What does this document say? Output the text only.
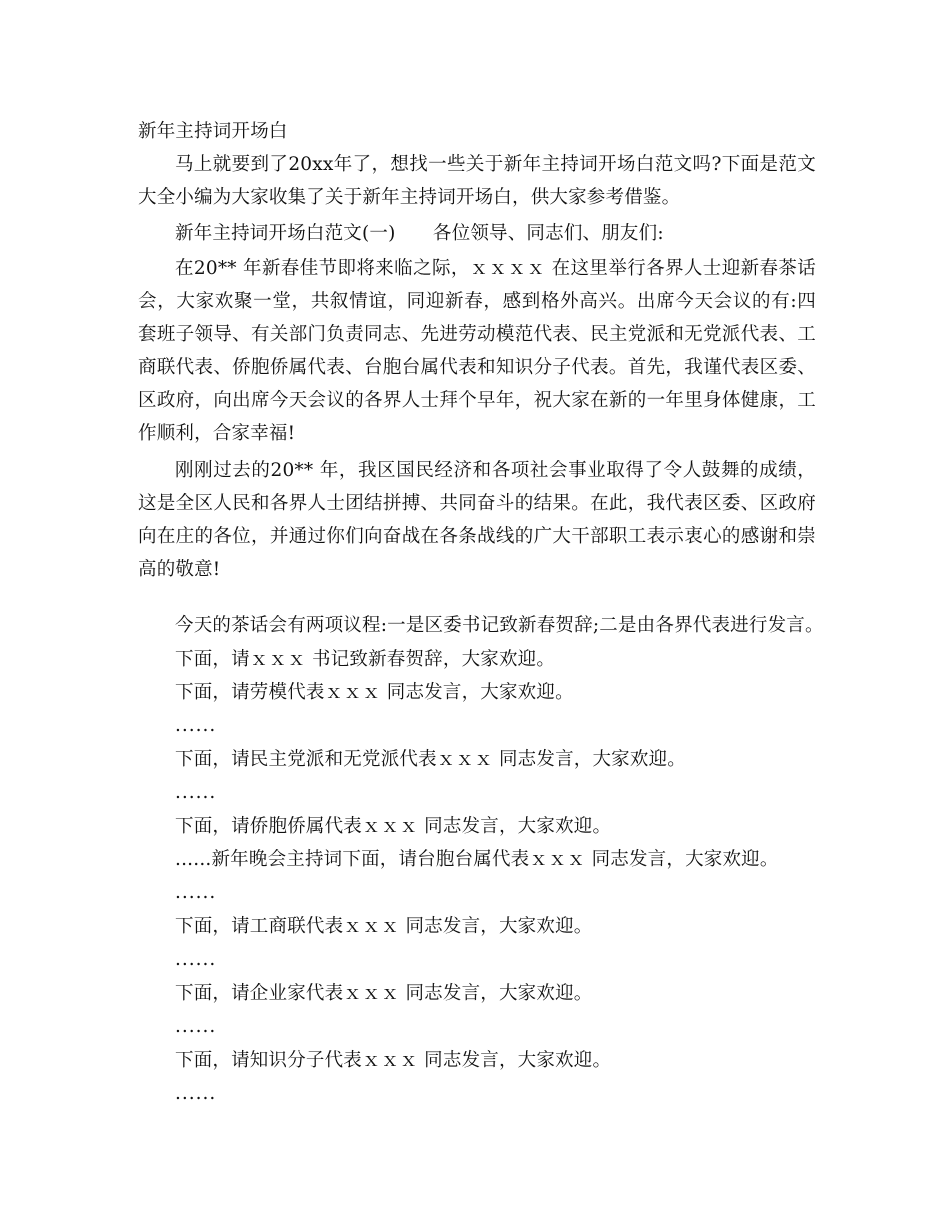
新年主持词开场白
马上就要到了20xx年了，想找一些关于新年主持词开场白范文吗?下面是范文大全小编为大家收集了关于新年主持词开场白，供大家参考借鉴。
新年主持词开场白范文(一)　　各位领导、同志们、朋友们:
在20** 年新春佳节即将来临之际，ｘｘｘｘ 在这里举行各界人士迎新春茶话会，大家欢聚一堂，共叙情谊，同迎新春，感到格外高兴。出席今天会议的有:四套班子领导、有关部门负责同志、先进劳动模范代表、民主党派和无党派代表、工商联代表、侨胞侨属代表、台胞台属代表和知识分子代表。首先，我谨代表区委、区政府，向出席今天会议的各界人士拜个早年，祝大家在新的一年里身体健康，工作顺利，合家幸福!
刚刚过去的20** 年，我区国民经济和各项社会事业取得了令人鼓舞的成绩，这是全区人民和各界人士团结拼搏、共同奋斗的结果。在此，我代表区委、区政府向在庄的各位，并通过你们向奋战在各条战线的广大干部职工表示衷心的感谢和崇高的敬意!
今天的茶话会有两项议程:一是区委书记致新春贺辞;二是由各界代表进行发言。
下面，请ｘｘｘ 书记致新春贺辞，大家欢迎。
下面，请劳模代表ｘｘｘ 同志发言，大家欢迎。
......
下面，请民主党派和无党派代表ｘｘｘ 同志发言，大家欢迎。
......
下面，请侨胞侨属代表ｘｘｘ 同志发言，大家欢迎。
......新年晚会主持词下面，请台胞台属代表ｘｘｘ 同志发言，大家欢迎。
......
下面，请工商联代表ｘｘｘ 同志发言，大家欢迎。
......
下面，请企业家代表ｘｘｘ 同志发言，大家欢迎。
......
下面，请知识分子代表ｘｘｘ 同志发言，大家欢迎。
......
